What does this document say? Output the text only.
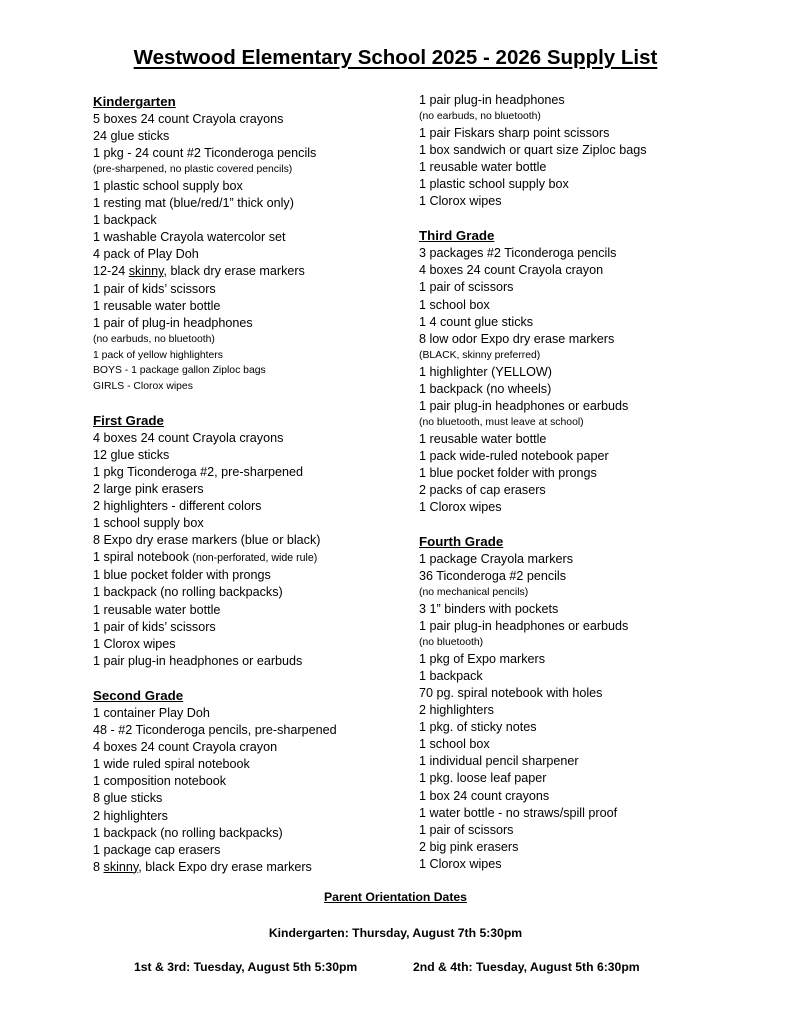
Westwood Elementary School 2025 - 2026 Supply List
Kindergarten
5 boxes 24 count Crayola crayons
24 glue sticks
1 pkg - 24 count #2 Ticonderoga pencils
(pre-sharpened, no plastic covered pencils)
1 plastic school supply box
1 resting mat (blue/red/1” thick only)
1 backpack
1 washable Crayola watercolor set
4 pack of Play Doh
12-24 skinny, black dry erase markers
1 pair of kids’ scissors
1 reusable water bottle
1 pair of plug-in headphones
(no earbuds, no bluetooth)
1 pack of yellow highlighters
BOYS - 1 package gallon Ziploc bags
GIRLS - Clorox wipes
First Grade
4 boxes 24 count Crayola crayons
12 glue sticks
1 pkg Ticonderoga #2, pre-sharpened
2 large pink erasers
2 highlighters - different colors
1 school supply box
8 Expo dry erase markers (blue or black)
1 spiral notebook (non-perforated, wide rule)
1 blue pocket folder with prongs
1 backpack (no rolling backpacks)
1 reusable water bottle
1 pair of kids’ scissors
1 Clorox wipes
1 pair plug-in headphones or earbuds
Second Grade
1 container Play Doh
48 - #2 Ticonderoga pencils, pre-sharpened
4 boxes 24 count Crayola crayon
1 wide ruled spiral notebook
1 composition notebook
8 glue sticks
2 highlighters
1 backpack (no rolling backpacks)
1 package cap erasers
8 skinny, black Expo dry erase markers
1 pair plug-in headphones
(no earbuds, no bluetooth)
1 pair Fiskars sharp point scissors
1 box sandwich or quart size Ziploc bags
1 reusable water bottle
1 plastic school supply box
1 Clorox wipes
Third Grade
3 packages #2 Ticonderoga pencils
4 boxes 24 count Crayola crayon
1 pair of scissors
1 school box
1 4 count glue sticks
8 low odor Expo dry erase markers
(BLACK, skinny preferred)
1 highlighter (YELLOW)
1 backpack (no wheels)
1 pair plug-in headphones or earbuds
(no bluetooth, must leave at school)
1 reusable water bottle
1 pack wide-ruled notebook paper
1 blue pocket folder with prongs
2 packs of cap erasers
1 Clorox wipes
Fourth Grade
1 package Crayola markers
36 Ticonderoga #2 pencils
(no mechanical pencils)
3 1” binders with pockets
1 pair plug-in headphones or earbuds
(no bluetooth)
1 pkg of Expo markers
1 backpack
70 pg. spiral notebook with holes
2 highlighters
1 pkg. of sticky notes
1 school box
1 individual pencil sharpener
1 pkg. loose leaf paper
1 box 24 count crayons
1 water bottle - no straws/spill proof
1 pair of scissors
2 big pink erasers
1 Clorox wipes
Parent Orientation Dates
Kindergarten: Thursday, August 7th 5:30pm
1st & 3rd: Tuesday, August 5th 5:30pm	2nd & 4th: Tuesday, August 5th 6:30pm
